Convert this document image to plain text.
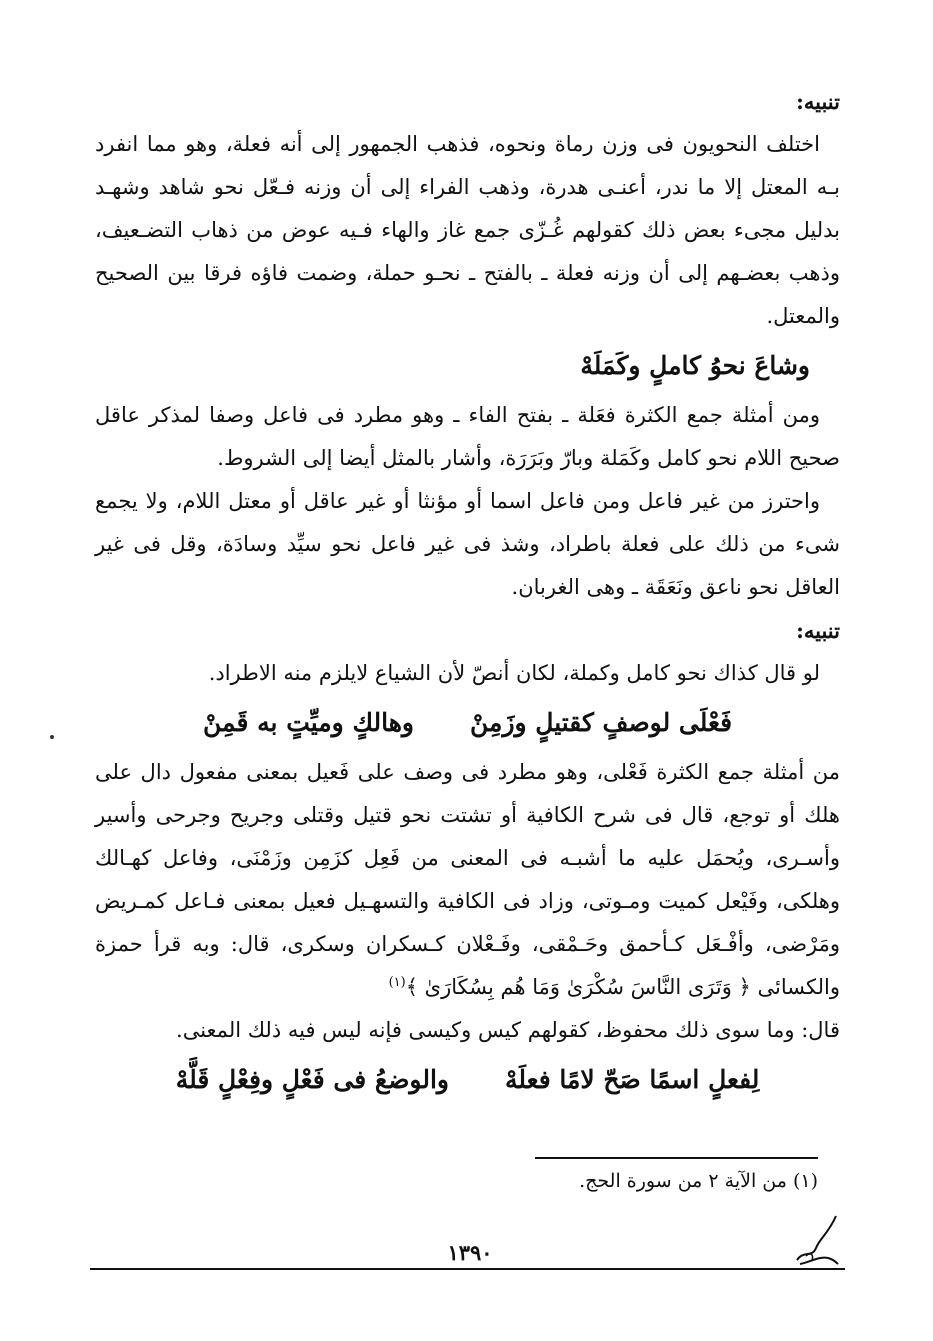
تنبيه:

اختلف النحويون فى وزن رماة ونحوه، فذهب الجمهور إلى أنه فعلة، وهو مما انفرد بـه المعتل إلا ما ندر، أعنـى هدرة، وذهب الفراء إلى أن وزنه فـعّل نحو شاهد وشهـد بدليل مجىء بعض ذلك كقولهم غُـزّى جمع غاز والهاء فـيه عوض من ذهاب التضـعيف، وذهب بعضـهم إلى أن وزنه فعلة ـ بالفتح ـ نحـو حملة، وضمت فاؤه فرقا بين الصحيح والمعتل.

وشاعَ نحوُ كاملٍ وكَمَلَهْ

ومن أمثلة جمع الكثرة فعَلة ـ بفتح الفاء ـ وهو مطرد فى فاعل وصفا لمذكر عاقل صحيح اللام نحو كامل وكَمَلة وبارّ وبَرَرَة، وأشار بالمثل أيضا إلى الشروط.

واحترز من غير فاعل ومن فاعل اسما أو مؤنثا أو غير عاقل أو معتل اللام، ولا يجمع شىء من ذلك على فعلة باطراد، وشذ فى غير فاعل نحو سيِّد وسادَة، وقل فى غير العاقل نحو ناعق ونَعَقَة ـ وهى الغربان.

تنبيه:

لو قال كذاك نحو كامل وكملة، لكان أنصّ لأن الشياع لايلزم منه الاطراد.

فَعْلَى لوصفٍ كقتيلٍ وزَمِنْ
وهالكٍ وميِّتٍ به قَمِنْ

من أمثلة جمع الكثرة فَعْلى، وهو مطرد فى وصف على فَعيل بمعنى مفعول دال على هلك أو توجع، قال فى شرح الكافية أو تشتت نحو قتيل وقتلى وجريح وجرحى وأسير وأسـرى، ويُحمَل عليه ما أشبـه فى المعنى من فَعِل كزَمِن وزَمْنَى، وفاعل كهـالك وهلكى، وفَيْعل كميت ومـوتى، وزاد فى الكافية والتسهـيل فعيل بمعنى فـاعل كمـريض ومَرْضى، وأفْـعَل كـأحمق وحَـمْقى، وفَـعْلان كـسكران وسكرى، قال: وبه قرأ حمزة والكسائى ﴿ وَتَرَى النَّاسَ سُكْرَىٰ وَمَا هُم بِسُكَارَىٰ ﴾$^{(١)}$

قال: وما سوى ذلك محفوظ، كقولهم كيس وكيسى فإنه ليس فيه ذلك المعنى.

لِفعلٍ اسمًا صَحّ لامًا فعلَهْ
والوضعُ فى فَعْلٍ وفِعْلٍ قَلَّهْ
(١) من الآية ٢ من سورة الحج.
١٣٩٠
